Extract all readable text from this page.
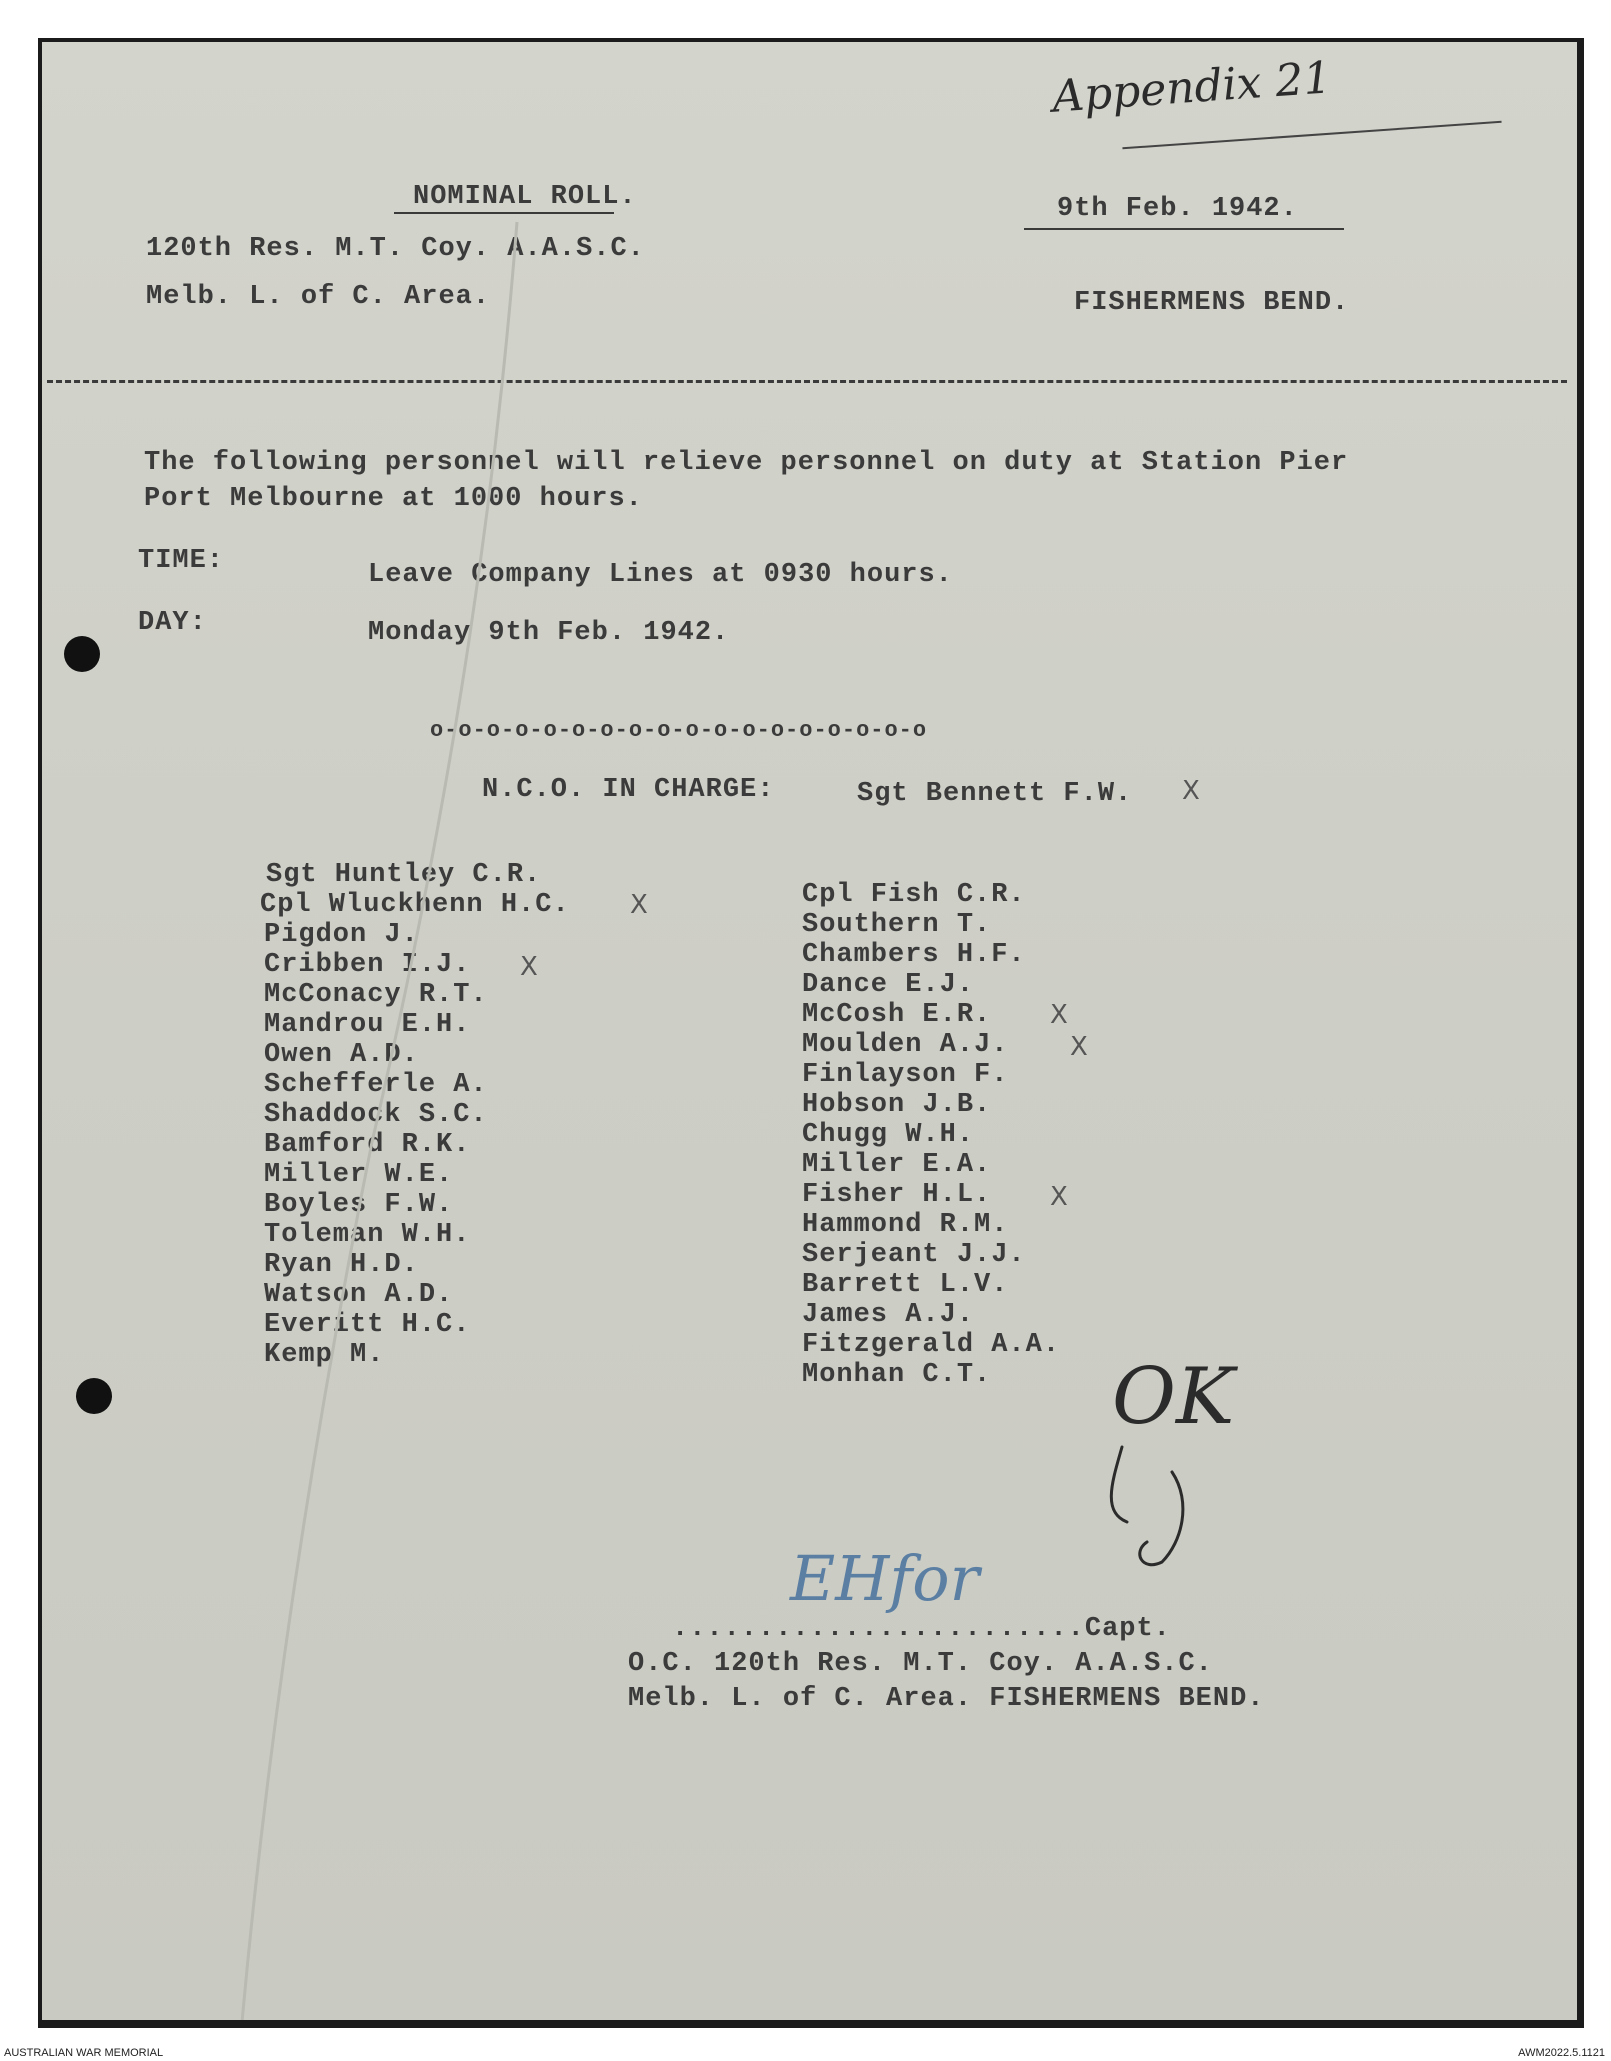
Appendix 21
NOMINAL ROLL.	9th Feb. 1942.
120th Res. M.T. Coy. A.A.S.C.
Melb. L. of C. Area.	FISHERMENS BEND.
The following personnel will relieve personnel on duty at Station Pier
Port Melbourne at 1000 hours.
TIME:	Leave Company Lines at 0930 hours.
DAY:	Monday 9th Feb. 1942.
o-o-o-o-o-o-o-o-o-o-o-o-o-o-o-o-o-o
N.C.O. IN CHARGE:	Sgt Bennett F.W. X
Sgt Huntley C.R.
Cpl Wluckhenn H.C.
Pigdon J.
Cribben I.J.
McConacy R.T.
Mandrou E.H.
Owen A.D.
Schefferle A.
Shaddock S.C.
Bamford R.K.
Miller W.E.
Boyles F.W.
Toleman W.H.
Ryan H.D.
Watson A.D.
Everitt H.C.
Kemp M.
X
X
Cpl Fish C.R.
Southern T.
Chambers H.F.
Dance E.J.
McCosh E.R.
Moulden A.J.
Finlayson F.
Hobson J.B.
Chugg W.H.
Miller E.A.
Fisher H.L.
Hammond R.M.
Serjeant J.J.
Barrett L.V.
James A.J.
Fitzgerald A.A.
Monhan C.T.
X
X
X
OK
EHfor
........................Capt.
O.C. 120th Res. M.T. Coy. A.A.S.C.
Melb. L. of C. Area. FISHERMENS BEND.
AUSTRALIAN WAR MEMORIAL	AWM2022.5.1121
